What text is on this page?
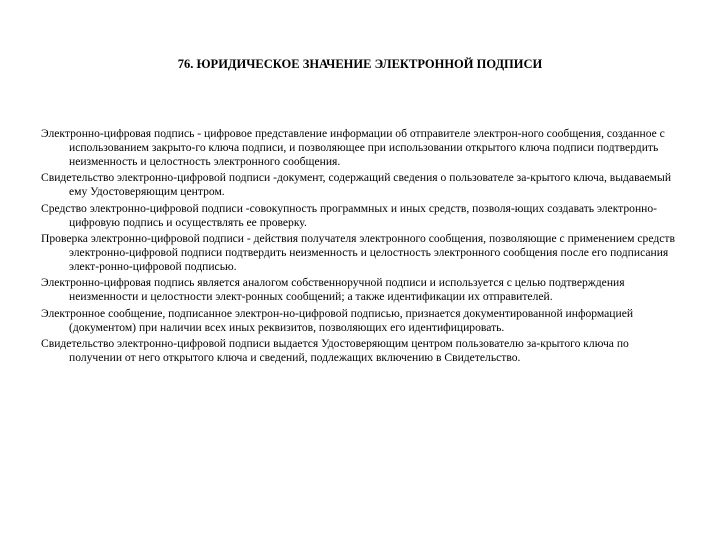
76. ЮРИДИЧЕСКОЕ ЗНАЧЕНИЕ ЭЛЕКТРОННОЙ ПОДПИСИ

Электронно-цифровая подпись - цифровое представление информации об отправителе электрон-ного сообщения, созданное с использованием закрыто-го ключа подписи, и позволяющее при использовании открытого ключа подписи подтвердить неизменность и целостность электронного сообщения.

Свидетельство электронно-цифровой подписи -документ, содержащий сведения о пользователе за-крытого ключа, выдаваемый ему Удостоверяющим центром.

Средство электронно-цифровой подписи -совокупность программных и иных средств, позволя-ющих создавать электронно-цифровую подпись и осуществлять ее проверку.

Проверка электронно-цифровой подписи - действия получателя электронного сообщения, позволяющие с применением средств электронно-цифровой подписи подтвердить неизменность и целостность электронного сообщения после его подписания элект-ронно-цифровой подписью.

Электронно-цифровая подпись является аналогом собственноручной подписи и используется с целью подтверждения неизменности и целостности элект-ронных сообщений; а также идентификации их отправителей.

Электронное сообщение, подписанное электрон-но-цифровой подписью, признается документированной информацией (документом) при наличии всех иных реквизитов, позволяющих его идентифицировать.

Свидетельство электронно-цифровой подписи выдается Удостоверяющим центром пользователю за-крытого ключа по получении от него открытого ключа и сведений, подлежащих включению в Свидетельство.
